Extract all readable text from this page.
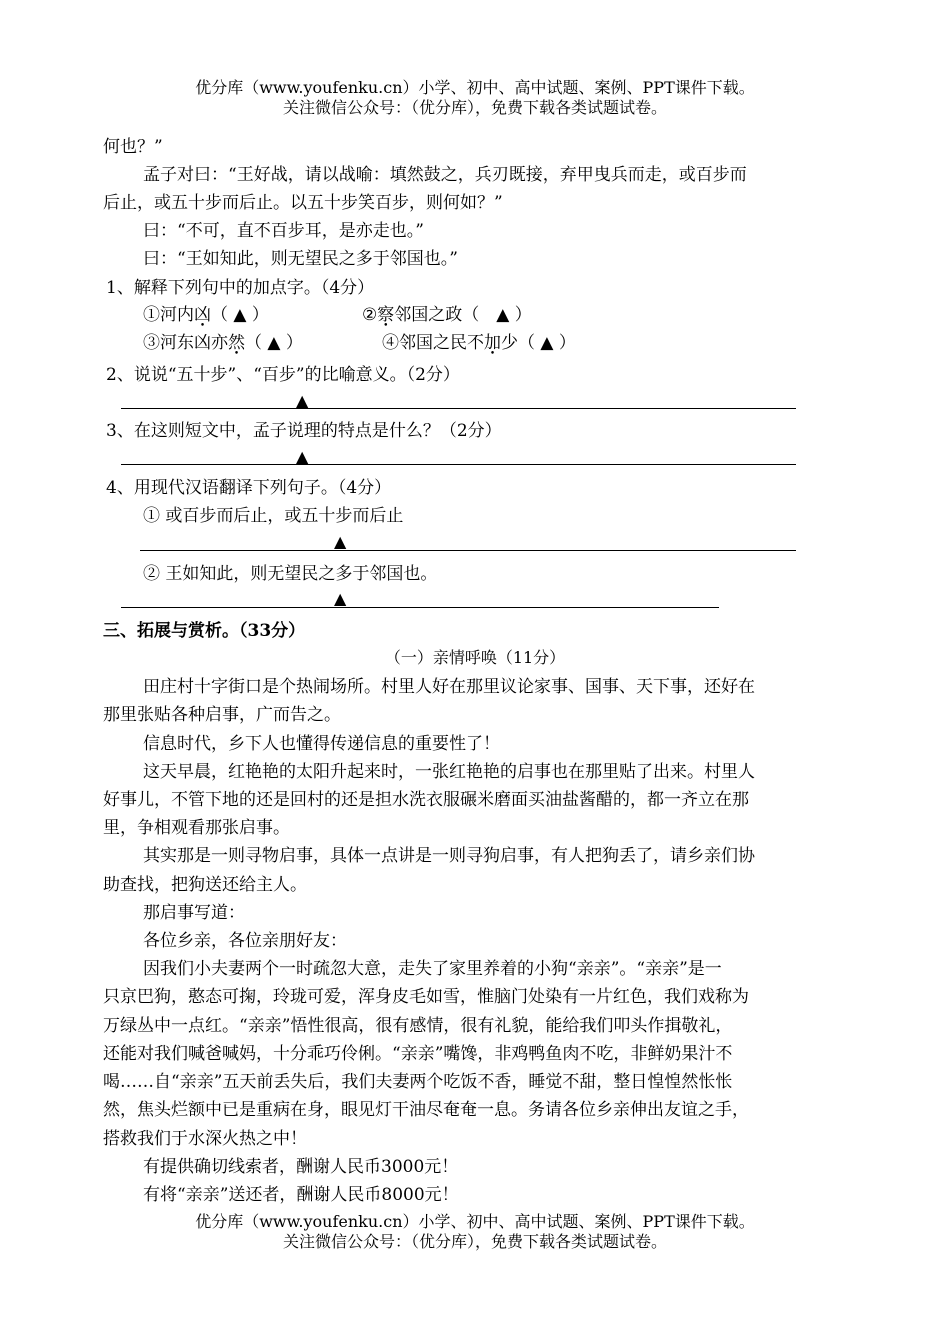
优分库（www.youfenku.cn）小学、初中、高中试题、案例、PPT课件下载。
关注微信公众号：（优分库），免费下载各类试题试卷。
何也？”
孟子对曰：“王好战，请以战喻：填然鼓之，兵刃既接，弃甲曳兵而走，或百步而
后止，或五十步而后止。以五十步笑百步，则何如？”
曰：“不可，直不百步耳，是亦走也。”
曰：“王如知此，则无望民之多于邻国也。”
1、解释下列句中的加点字。（4分）
①河内凶（ ▲ ）	②察邻国之政（　▲ ）
③河东凶亦然（ ▲ ）	④邻国之民不加少（ ▲ ）
2、说说“五十步”、“百步”的比喻意义。（2分）
▲
3、在这则短文中，孟子说理的特点是什么？（2分）
▲
4、用现代汉语翻译下列句子。（4分）
① 或百步而后止，或五十步而后止
▲
② 王如知此，则无望民之多于邻国也。
▲
三、拓展与赏析。（33分）
（一）亲情呼唤（11分）
田庄村十字街口是个热闹场所。村里人好在那里议论家事、国事、天下事，还好在
那里张贴各种启事，广而告之。
信息时代，乡下人也懂得传递信息的重要性了！
这天早晨，红艳艳的太阳升起来时，一张红艳艳的启事也在那里贴了出来。村里人
好事儿，不管下地的还是回村的还是担水洗衣服碾米磨面买油盐酱醋的，都一齐立在那
里，争相观看那张启事。
其实那是一则寻物启事，具体一点讲是一则寻狗启事，有人把狗丢了，请乡亲们协
助查找，把狗送还给主人。
那启事写道：
各位乡亲，各位亲朋好友：
因我们小夫妻两个一时疏忽大意，走失了家里养着的小狗“亲亲”。“亲亲”是一
只京巴狗，憨态可掬，玲珑可爱，浑身皮毛如雪，惟脑门处染有一片红色，我们戏称为
万绿丛中一点红。“亲亲”悟性很高，很有感情，很有礼貌，能给我们叩头作揖敬礼，
还能对我们喊爸喊妈，十分乖巧伶俐。“亲亲”嘴馋，非鸡鸭鱼肉不吃，非鲜奶果汁不
喝……自“亲亲”五天前丢失后，我们夫妻两个吃饭不香，睡觉不甜，整日惶惶然怅怅
然，焦头烂额中已是重病在身，眼见灯干油尽奄奄一息。务请各位乡亲伸出友谊之手，
搭救我们于水深火热之中！
有提供确切线索者，酬谢人民币3000元！
有将“亲亲”送还者，酬谢人民币8000元！
优分库（www.youfenku.cn）小学、初中、高中试题、案例、PPT课件下载。
关注微信公众号：（优分库），免费下载各类试题试卷。
